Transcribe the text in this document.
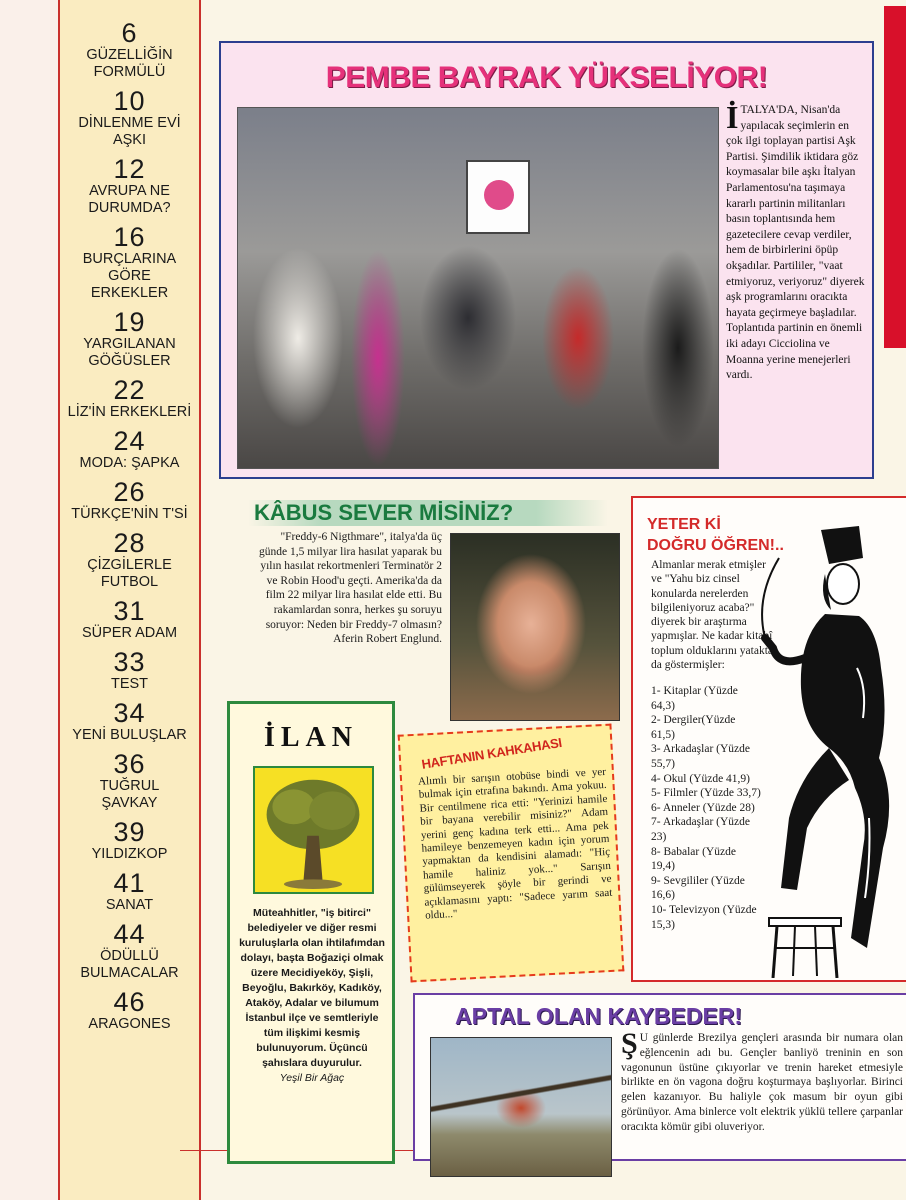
6
GÜZELLİĞİN
FORMÜLÜ
10
DİNLENME EVİ
AŞKI
12
AVRUPA NE
DURUMDA?
16
BURÇLARINA
GÖRE
ERKEKLER
19
YARGILANAN
GÖĞÜSLER
22
LİZ'İN ERKEKLERİ
24
MODA: ŞAPKA
26
TÜRKÇE'NİN T'Sİ
28
ÇİZGİLERLE
FUTBOL
31
SÜPER ADAM
33
TEST
34
YENİ BULUŞLAR
36
TUĞRUL
ŞAVKAY
39
YILDIZKOP
41
SANAT
44
ÖDÜLLÜ
BULMACALAR
46
ARAGONES
PEMBE BAYRAK YÜKSELİYOR!

İ TALYA'DA, Nisan'da yapılacak seçimlerin en çok ilgi toplayan partisi Aşk Partisi. Şimdilik iktidara göz koymasalar bile aşkı İtalyan Parlamentosu'na taşımaya kararlı partinin militanları basın toplantısında hem gazetecilere cevap verdiler, hem de birbirlerini öpüp okşadılar. Partililer, "vaat etmiyoruz, veriyoruz" diyerek aşk programlarını oracıkta hayata geçirmeye başladılar. Toplantıda partinin en önemli iki adayı Cicciolina ve Moanna yerine menejerleri vardı.

KÂBUS SEVER MİSİNİZ?

"Freddy-6 Nigthmare", italya'da üç günde 1,5 milyar lira hasılat yaparak bu yılın hasılat rekortmenleri Terminatör 2 ve Robin Hood'u geçti. Amerika'da da film 22 milyar lira hasılat elde etti. Bu rakamlardan sonra, herkes şu soruyu soruyor: Neden bir Freddy-7 olmasın? Aferin Robert Englund.

YETER Kİ
DOĞRU ÖĞREN!..

Almanlar merak etmişler ve "Yahu biz cinsel konularda nerelerden bilgileniyoruz acaba?" diyerek bir araştırma yapmışlar. Ne kadar kitabî toplum olduklarını yatakta da göstermişler:

1- Kitaplar (Yüzde 64,3)
2- Dergiler(Yüzde 61,5)
3- Arkadaşlar (Yüzde 55,7)
4- Okul (Yüzde 41,9)
5- Filmler (Yüzde 33,7)
6- Anneler (Yüzde 28)
7- Arkadaşlar (Yüzde 23)
8- Babalar (Yüzde 19,4)
9- Sevgililer (Yüzde 16,6)
10- Televizyon (Yüzde 15,3)
İLAN

Müteahhitler, "iş bitirci" belediyeler ve diğer resmi kuruluşlarla olan ihtilafımdan dolayı, başta Boğaziçi olmak üzere Mecidiyeköy, Şişli, Beyoğlu, Bakırköy, Kadıköy, Ataköy, Adalar ve bilumum İstanbul ilçe ve semtleriyle tüm ilişkimi kesmiş bulunuyorum. Üçüncü şahıslara duyurulur.
Yeşil Bir Ağaç

HAFTANIN KAHKAHASI

Alımlı bir sarışın otobüse bindi ve yer bulmak için etrafına bakındı. Ama yokuu. Bir centilmene rica etti: "Yerinizi hamile bir bayana verebilir misiniz?" Adam yerini genç kadına terk etti... Ama pek hamileye benzemeyen kadın için yorum yapmaktan da kendisini alamadı: "Hiç hamile haliniz yok..." Sarışın gülümseyerek şöyle bir gerindi ve açıklamasını yaptı: "Sadece yarım saat oldu..."

APTAL OLAN KAYBEDER!

Ş U günlerde Brezilya gençleri arasında bir numara olan eğlencenin adı bu. Gençler banliyö treninin en son vagonunun üstüne çıkıyorlar ve trenin hareket etmesiyle birlikte en ön vagona doğru koşturmaya başlıyorlar. Birinci gelen kazanıyor. Bu haliyle çok masum bir oyun gibi görünüyor. Ama binlerce volt elektrik yüklü tellere çarpanlar oracıkta kömür gibi oluveriyor.
